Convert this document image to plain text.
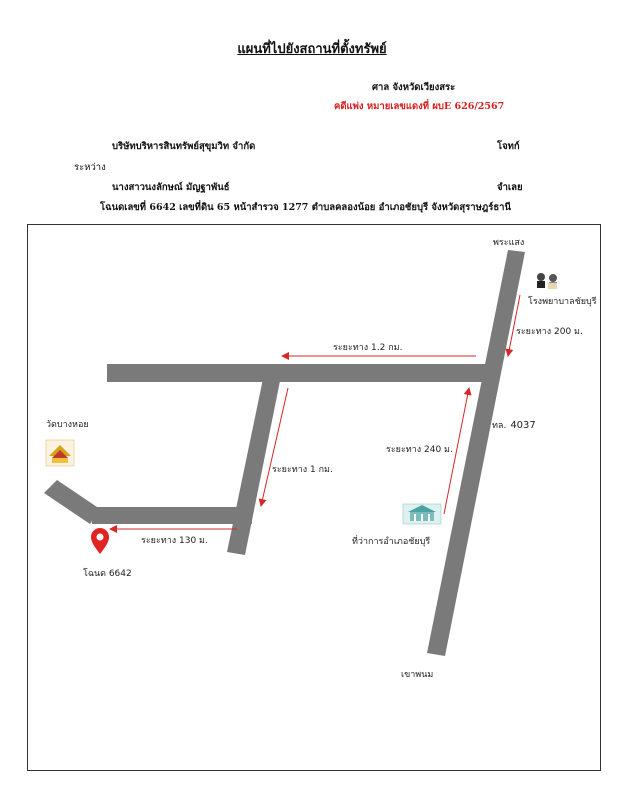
แผนที่ไปยังสถานที่ตั้งทรัพย์
ศาล จังหวัดเวียงสระ
คดีแพ่ง หมายเลขแดงที่ ผบE 626/2567
บริษัทบริหารสินทรัพย์สุขุมวิท จำกัด	โจทก์
ระหว่าง
นางสาวนงลักษณ์ มัญฐาพันธ์	จำเลย
โฉนดเลขที่ 6642 เลขที่ดิน 65 หน้าสำรวจ 1277 ตำบลคลองน้อย อำเภอชัยบุรี จังหวัดสุราษฎร์ธานี
พระแสง
โรงพยาบาลชัยบุรี
ระยะทาง 200 ม.
ระยะทาง 1.2 กม.
ระยะทาง 240 ม.
ระยะทาง 1 กม.
ระยะทาง 130 ม.
วัดบางหอย	ทล. 4037
ที่ว่าการอำเภอชัยบุรี
โฉนด 6642
เขาพนม
